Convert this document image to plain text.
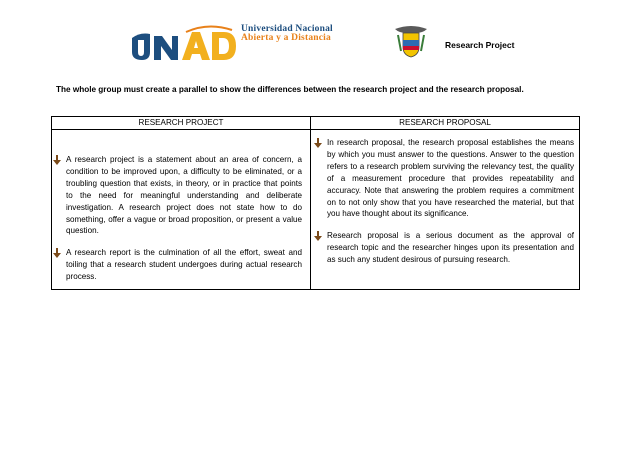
Universidad Nacional
Abierta y a Distancia
Research Project
The whole group must create a parallel to show the differences between the research project and the research proposal.
RESEARCH PROJECT	RESEARCH PROPOSAL

A research project is a statement about an area of concern, a condition to be improved upon, a difficulty to be eliminated, or a troubling question that exists, in theory, or in practice that points to the need for meaningful understanding and deliberate investigation. A research project does not state how to do something, offer a vague or broad proposition, or present a value question.

A research report is the culmination of all the effort, sweat and toiling that a research student undergoes during actual research process.

In research proposal, the research proposal establishes the means by which you must answer to the questions. Answer to the question refers to a research problem surviving the relevancy test, the quality of a measurement procedure that provides repeatability and accuracy. Note that answering the problem requires a commitment on to not only show that you have researched the material, but that you have thought about its significance.

Research proposal is a serious document as the approval of research topic and the researcher hinges upon its presentation and as such any student desirous of pursuing research.
